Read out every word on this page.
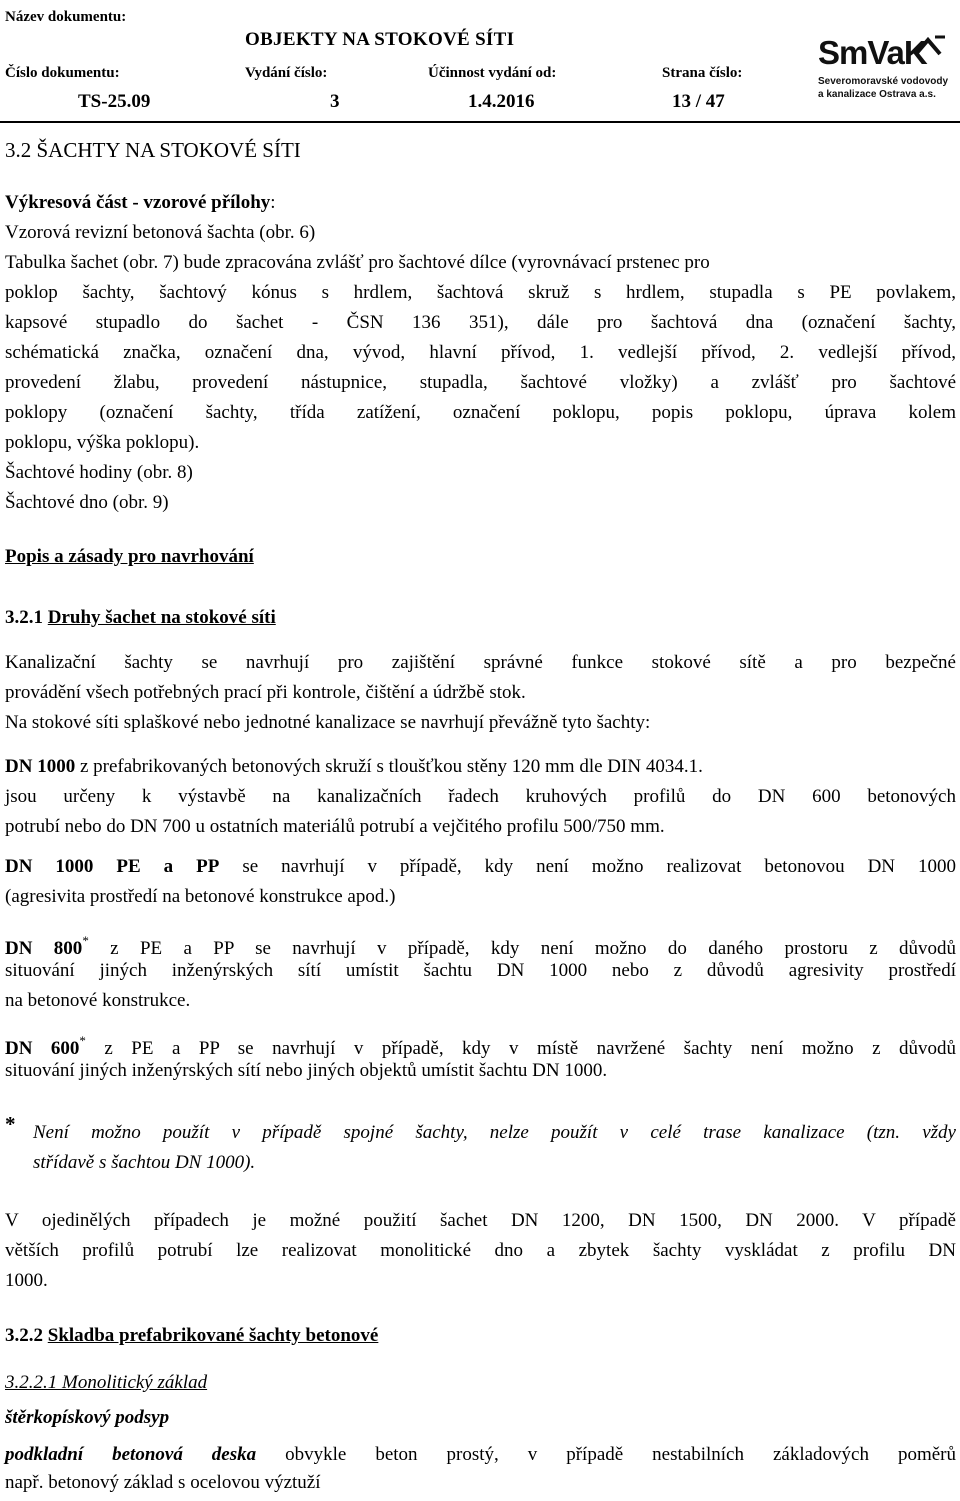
Název dokumentu:
OBJEKTY NA STOKOVÉ SÍTI
Číslo dokumentu:	Vydání číslo:	Účinnost vydání od:	Strana číslo:
TS-25.09	3	1.4.2016	13 / 47
SmVaK
Severomoravské vodovody
a kanalizace Ostrava a.s.
3.2 ŠACHTY NA STOKOVÉ SÍTI
Výkresová část - vzorové přílohy:
Vzorová revizní betonová šachta (obr. 6)
Tabulka šachet (obr. 7) bude zpracována zvlášť pro šachtové dílce (vyrovnávací prstenec pro
poklop šachty, šachtový kónus s hrdlem, šachtová skruž s hrdlem, stupadla s PE povlakem,
kapsové stupadlo do šachet - ČSN 136 351), dále pro šachtová dna (označení šachty,
schématická značka, označení dna, vývod, hlavní přívod, 1. vedlejší přívod, 2. vedlejší přívod,
provedení žlabu, provedení nástupnice, stupadla, šachtové vložky) a zvlášť pro šachtové
poklopy (označení šachty, třída zatížení, označení poklopu, popis poklopu, úprava kolem
poklopu, výška poklopu).
Šachtové hodiny (obr. 8)
Šachtové dno (obr. 9)
Popis a zásady pro navrhování
3.2.1 Druhy šachet na stokové síti
Kanalizační šachty se navrhují pro zajištění správné funkce stokové sítě a pro bezpečné
provádění všech potřebných prací při kontrole, čištění a údržbě stok.
Na stokové síti splaškové nebo jednotné kanalizace se navrhují převážně tyto šachty:
DN 1000 z prefabrikovaných betonových skruží s tloušťkou stěny 120 mm dle DIN 4034.1.
jsou určeny k výstavbě na kanalizačních řadech kruhových profilů do DN 600 betonových
potrubí nebo do DN 700 u ostatních materiálů potrubí a vejčitého profilu 500/750 mm.
DN 1000 PE a PP se navrhují v případě, kdy není možno realizovat betonovou DN 1000
(agresivita prostředí na betonové konstrukce apod.)
DN 800* z PE a PP se navrhují v případě, kdy není možno do daného prostoru z důvodů
situování jiných inženýrských sítí umístit šachtu DN 1000 nebo z důvodů agresivity prostředí
na betonové konstrukce.
DN 600* z PE a PP se navrhují v případě, kdy v místě navržené šachty není možno z důvodů
situování jiných inženýrských sítí nebo jiných objektů umístit šachtu DN 1000.
* Není možno použít v případě spojné šachty, nelze použít v celé trase kanalizace (tzn. vždy
střídavě s šachtou DN 1000).
V ojedinělých případech je možné použití šachet DN 1200, DN 1500, DN 2000. V případě
větších profilů potrubí lze realizovat monolitické dno a zbytek šachty vyskládat z profilu DN
1000.
3.2.2 Skladba prefabrikované šachty betonové
3.2.2.1 Monolitický základ
štěrkopískový podsyp
podkladní betonová deska obvykle beton prostý, v případě nestabilních základových poměrů
např. betonový základ s ocelovou výztuží
